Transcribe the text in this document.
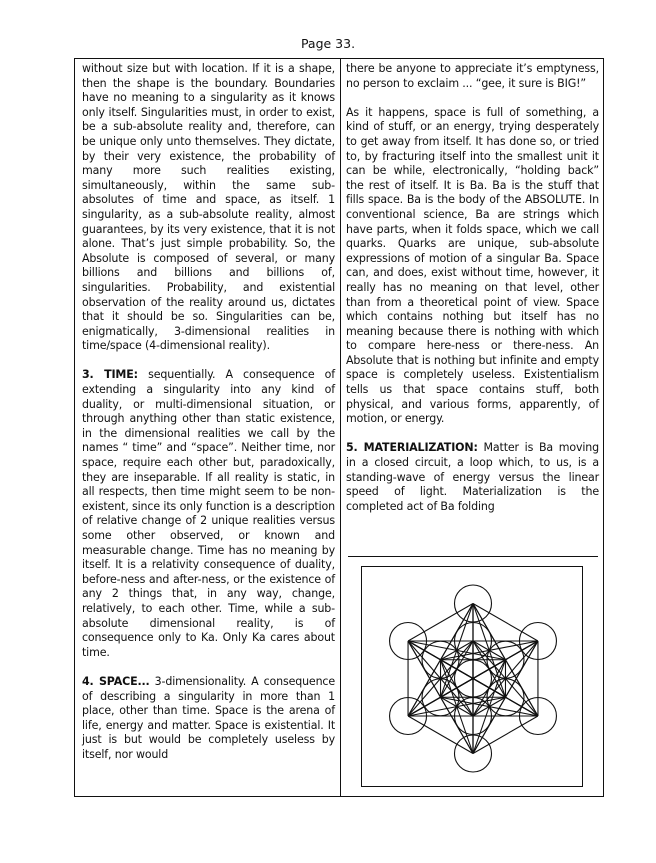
Page 33.

without size but with location. If it is a shape, then the shape is the boundary. Boundaries have no meaning to a singularity as it knows only itself. Singularities must, in order to exist, be a sub-absolute reality and, therefore, can be unique only unto themselves. They dictate, by their very existence, the probability of many more such realities existing, simultaneously, within the same sub-absolutes of time and space, as itself. 1 singularity, as a sub-absolute reality, almost guarantees, by its very existence, that it is not alone. That’s just simple probability. So, the Absolute is composed of several, or many billions and billions and billions of, singularities. Probability, and existential observation of the reality around us, dictates that it should be so. Singularities can be, enigmatically, 3-dimensional realities in time/space (4-dimensional reality).

3. TIME: sequentially. A consequence of extending a singularity into any kind of duality, or multi-dimensional situation, or through anything other than static existence, in the dimensional realities we call by the names “ time” and “space”. Neither time, nor space, require each other but, paradoxically, they are inseparable. If all reality is static, in all respects, then time might seem to be non-existent, since its only function is a description of relative change of 2 unique realities versus some other observed, or known and measurable change. Time has no meaning by itself. It is a relativity consequence of duality, before-ness and after-ness, or the existence of any 2 things that, in any way, change, relatively, to each other. Time, while a sub-absolute dimensional reality, is of consequence only to Ka. Only Ka cares about time.

4. SPACE... 3-dimensionality. A consequence of describing a singularity in more than 1 place, other than time. Space is the arena of life, energy and matter. Space is existential. It just is but would be completely useless by itself, nor would

there be anyone to appreciate it’s emptyness, no person to exclaim ... “gee, it sure is BIG!”

As it happens, space is full of something, a kind of stuff, or an energy, trying desperately to get away from itself. It has done so, or tried to, by fracturing itself into the smallest unit it can be while, electronically, “holding back” the rest of itself. It is Ba. Ba is the stuff that fills space. Ba is the body of the ABSOLUTE. In conventional science, Ba are strings which have parts, when it folds space, which we call quarks. Quarks are unique, sub-absolute expressions of motion of a singular Ba. Space can, and does, exist without time, however, it really has no meaning on that level, other than from a theoretical point of view. Space which contains nothing but itself has no meaning because there is nothing with which to compare here-ness or there-ness. An Absolute that is nothing but infinite and empty space is completely useless. Existentialism tells us that space contains stuff, both physical, and various forms, apparently, of motion, or energy.

5. MATERIALIZATION: Matter is Ba moving in a closed circuit, a loop which, to us, is a standing-wave of energy versus the linear speed of light. Materialization is the completed act of Ba folding
